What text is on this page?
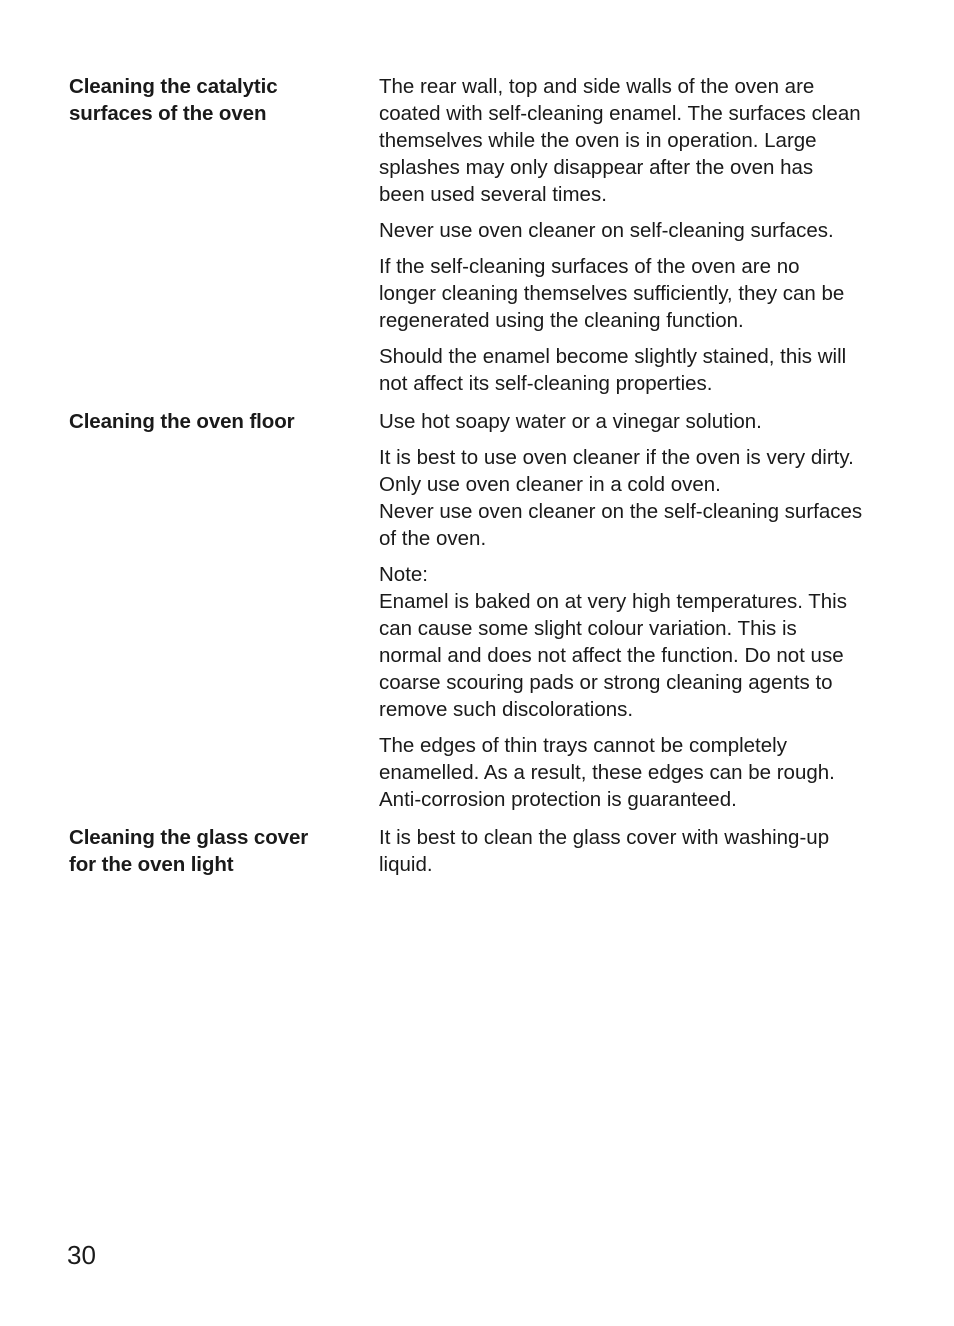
Cleaning the catalytic
surfaces of the oven

The rear wall, top and side walls of the oven are
coated with self-cleaning enamel. The surfaces clean
themselves while the oven is in operation. Large
splashes may only disappear after the oven has
been used several times.

Never use oven cleaner on self-cleaning surfaces.

If the self-cleaning surfaces of the oven are no
longer cleaning themselves sufficiently, they can be
regenerated using the cleaning function.

Should the enamel become slightly stained, this will
not affect its self-cleaning properties.

Cleaning the oven floor	Use hot soapy water or a vinegar solution.

It is best to use oven cleaner if the oven is very dirty.
Only use oven cleaner in a cold oven.
Never use oven cleaner on the self-cleaning surfaces
of the oven.

Note:
Enamel is baked on at very high temperatures. This
can cause some slight colour variation. This is
normal and does not affect the function. Do not use
coarse scouring pads or strong cleaning agents to
remove such discolorations.

The edges of thin trays cannot be completely
enamelled. As a result, these edges can be rough.
Anti-corrosion protection is guaranteed.

Cleaning the glass cover
for the oven light

It is best to clean the glass cover with washing-up
liquid.

30
